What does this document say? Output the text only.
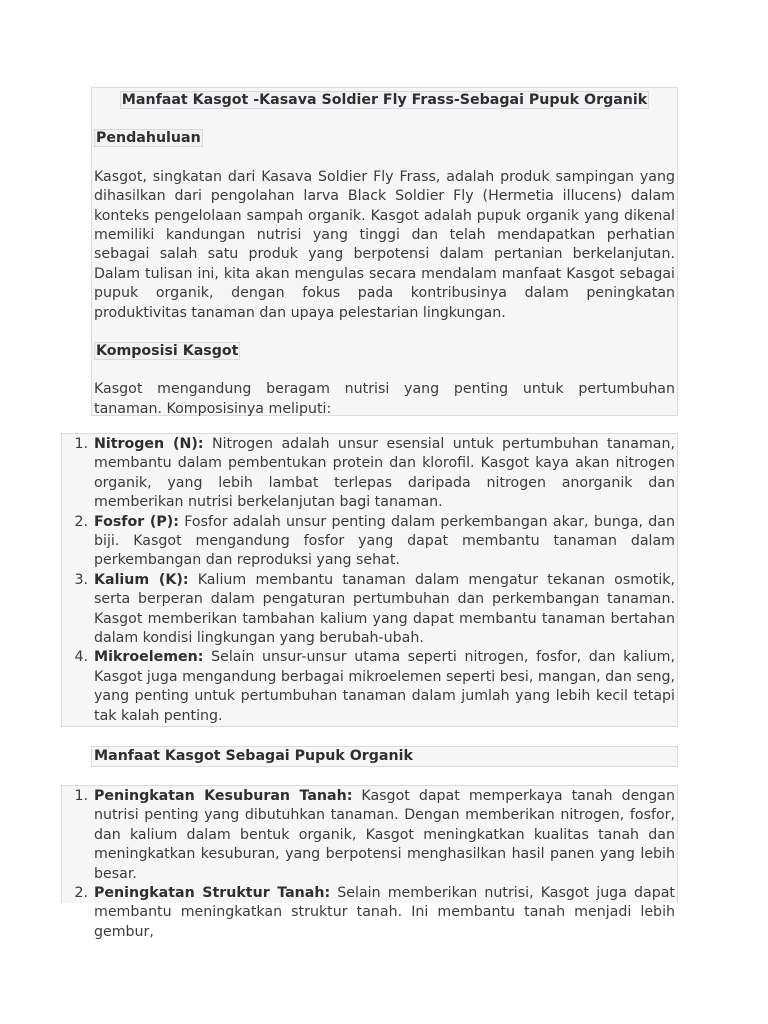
Manfaat Kasgot -Kasava Soldier Fly Frass-Sebagai Pupuk Organik
Pendahuluan

Kasgot, singkatan dari Kasava Soldier Fly Frass, adalah produk sampingan yang dihasilkan dari pengolahan larva Black Soldier Fly (Hermetia illucens) dalam konteks pengelolaan sampah organik. Kasgot adalah pupuk organik yang dikenal memiliki kandungan nutrisi yang tinggi dan telah mendapatkan perhatian sebagai salah satu produk yang berpotensi dalam pertanian berkelanjutan. Dalam tulisan ini, kita akan mengulas secara mendalam manfaat Kasgot sebagai pupuk organik, dengan fokus pada kontribusinya dalam peningkatan produktivitas tanaman dan upaya pelestarian lingkungan.

Komposisi Kasgot

Kasgot mengandung beragam nutrisi yang penting untuk pertumbuhan tanaman. Komposisinya meliputi:

1. Nitrogen (N): Nitrogen adalah unsur esensial untuk pertumbuhan tanaman, membantu dalam pembentukan protein dan klorofil. Kasgot kaya akan nitrogen organik, yang lebih lambat terlepas daripada nitrogen anorganik dan memberikan nutrisi berkelanjutan bagi tanaman.
2. Fosfor (P): Fosfor adalah unsur penting dalam perkembangan akar, bunga, dan biji. Kasgot mengandung fosfor yang dapat membantu tanaman dalam perkembangan dan reproduksi yang sehat.
3. Kalium (K): Kalium membantu tanaman dalam mengatur tekanan osmotik, serta berperan dalam pengaturan pertumbuhan dan perkembangan tanaman. Kasgot memberikan tambahan kalium yang dapat membantu tanaman bertahan dalam kondisi lingkungan yang berubah-ubah.
4. Mikroelemen: Selain unsur-unsur utama seperti nitrogen, fosfor, dan kalium, Kasgot juga mengandung berbagai mikroelemen seperti besi, mangan, dan seng, yang penting untuk pertumbuhan tanaman dalam jumlah yang lebih kecil tetapi tak kalah penting.
Manfaat Kasgot Sebagai Pupuk Organik
1. Peningkatan Kesuburan Tanah: Kasgot dapat memperkaya tanah dengan nutrisi penting yang dibutuhkan tanaman. Dengan memberikan nitrogen, fosfor, dan kalium dalam bentuk organik, Kasgot meningkatkan kualitas tanah dan meningkatkan kesuburan, yang berpotensi menghasilkan hasil panen yang lebih besar.
2. Peningkatan Struktur Tanah: Selain memberikan nutrisi, Kasgot juga dapat membantu meningkatkan struktur tanah. Ini membantu tanah menjadi lebih gembur,
